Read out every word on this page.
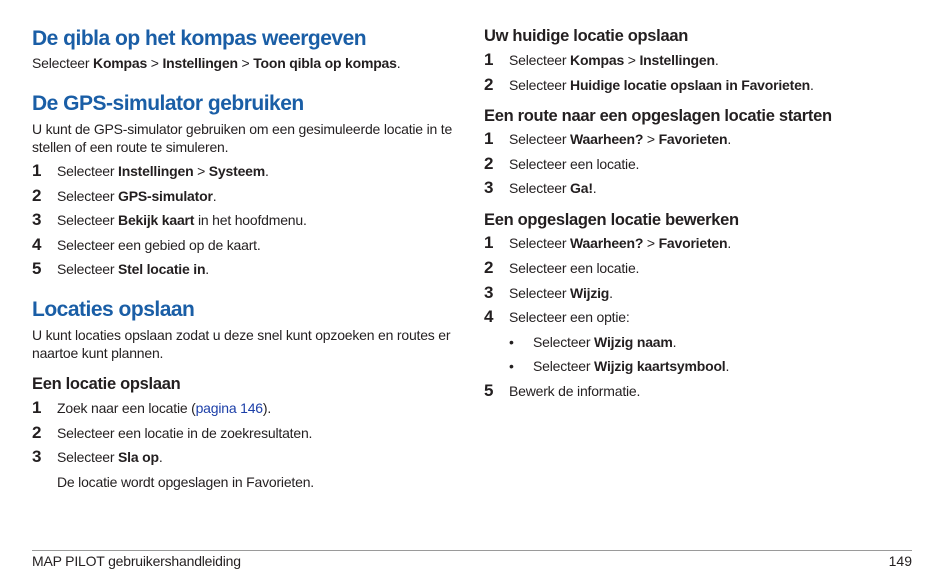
De qibla op het kompas weergeven
Selecteer Kompas > Instellingen > Toon qibla op kompas.
De GPS-simulator gebruiken
U kunt de GPS-simulator gebruiken om een gesimuleerde locatie in te
stellen of een route te simuleren.
1 Selecteer Instellingen > Systeem.
2 Selecteer GPS-simulator.
3 Selecteer Bekijk kaart in het hoofdmenu.
4 Selecteer een gebied op de kaart.
5 Selecteer Stel locatie in.
Locaties opslaan
U kunt locaties opslaan zodat u deze snel kunt opzoeken en routes er
naartoe kunt plannen.
Een locatie opslaan
1 Zoek naar een locatie (pagina 146).
2 Selecteer een locatie in de zoekresultaten.
3 Selecteer Sla op.
De locatie wordt opgeslagen in Favorieten.
Uw huidige locatie opslaan
1 Selecteer Kompas > Instellingen.
2 Selecteer Huidige locatie opslaan in Favorieten.
Een route naar een opgeslagen locatie starten
1 Selecteer Waarheen? > Favorieten.
2 Selecteer een locatie.
3 Selecteer Ga!.
Een opgeslagen locatie bewerken
1 Selecteer Waarheen? > Favorieten.
2 Selecteer een locatie.
3 Selecteer Wijzig.
4 Selecteer een optie:
• Selecteer Wijzig naam.
• Selecteer Wijzig kaartsymbool.
5 Bewerk de informatie.
MAP PILOT gebruikershandleiding	149
